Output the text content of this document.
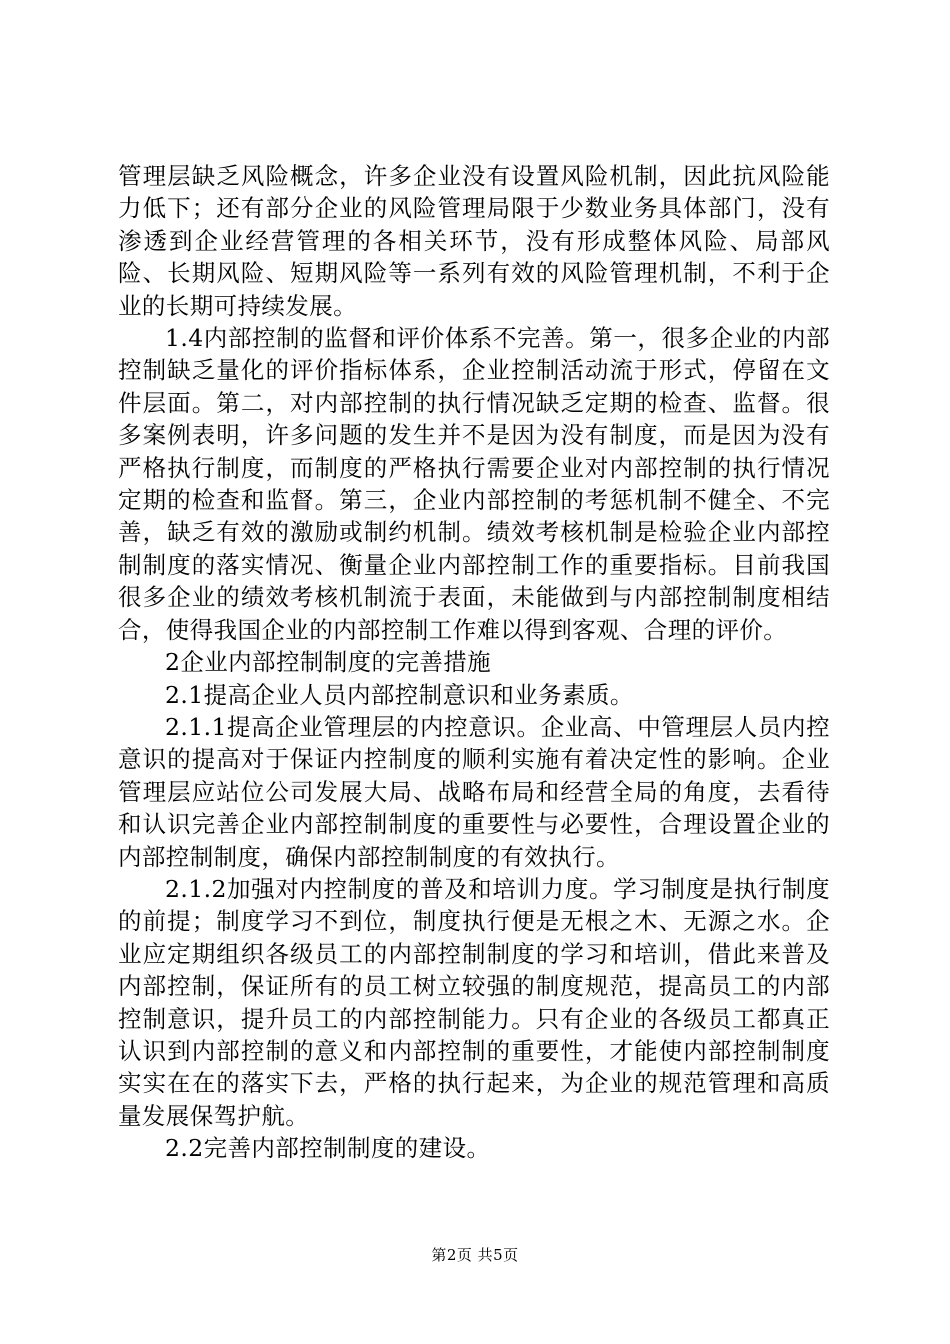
管理层缺乏风险概念，许多企业没有设置风险机制，因此抗风险能力低下；还有部分企业的风险管理局限于少数业务具体部门，没有渗透到企业经营管理的各相关环节，没有形成整体风险、局部风险、长期风险、短期风险等一系列有效的风险管理机制，不利于企业的长期可持续发展。

1.4内部控制的监督和评价体系不完善。第一，很多企业的内部控制缺乏量化的评价指标体系，企业控制活动流于形式，停留在文件层面。第二，对内部控制的执行情况缺乏定期的检查、监督。很多案例表明，许多问题的发生并不是因为没有制度，而是因为没有严格执行制度，而制度的严格执行需要企业对内部控制的执行情况定期的检查和监督。第三，企业内部控制的考惩机制不健全、不完善，缺乏有效的激励或制约机制。绩效考核机制是检验企业内部控制制度的落实情况、衡量企业内部控制工作的重要指标。目前我国很多企业的绩效考核机制流于表面，未能做到与内部控制制度相结合，使得我国企业的内部控制工作难以得到客观、合理的评价。

2企业内部控制制度的完善措施

2.1提高企业人员内部控制意识和业务素质。

2.1.1提高企业管理层的内控意识。企业高、中管理层人员内控意识的提高对于保证内控制度的顺利实施有着决定性的影响。企业管理层应站位公司发展大局、战略布局和经营全局的角度，去看待和认识完善企业内部控制制度的重要性与必要性，合理设置企业的内部控制制度，确保内部控制制度的有效执行。

2.1.2加强对内控制度的普及和培训力度。学习制度是执行制度的前提；制度学习不到位，制度执行便是无根之木、无源之水。企业应定期组织各级员工的内部控制制度的学习和培训，借此来普及内部控制，保证所有的员工树立较强的制度规范，提高员工的内部控制意识，提升员工的内部控制能力。只有企业的各级员工都真正认识到内部控制的意义和内部控制的重要性，才能使内部控制制度实实在在的落实下去，严格的执行起来，为企业的规范管理和高质量发展保驾护航。

2.2完善内部控制制度的建设。

第2页 共5页
